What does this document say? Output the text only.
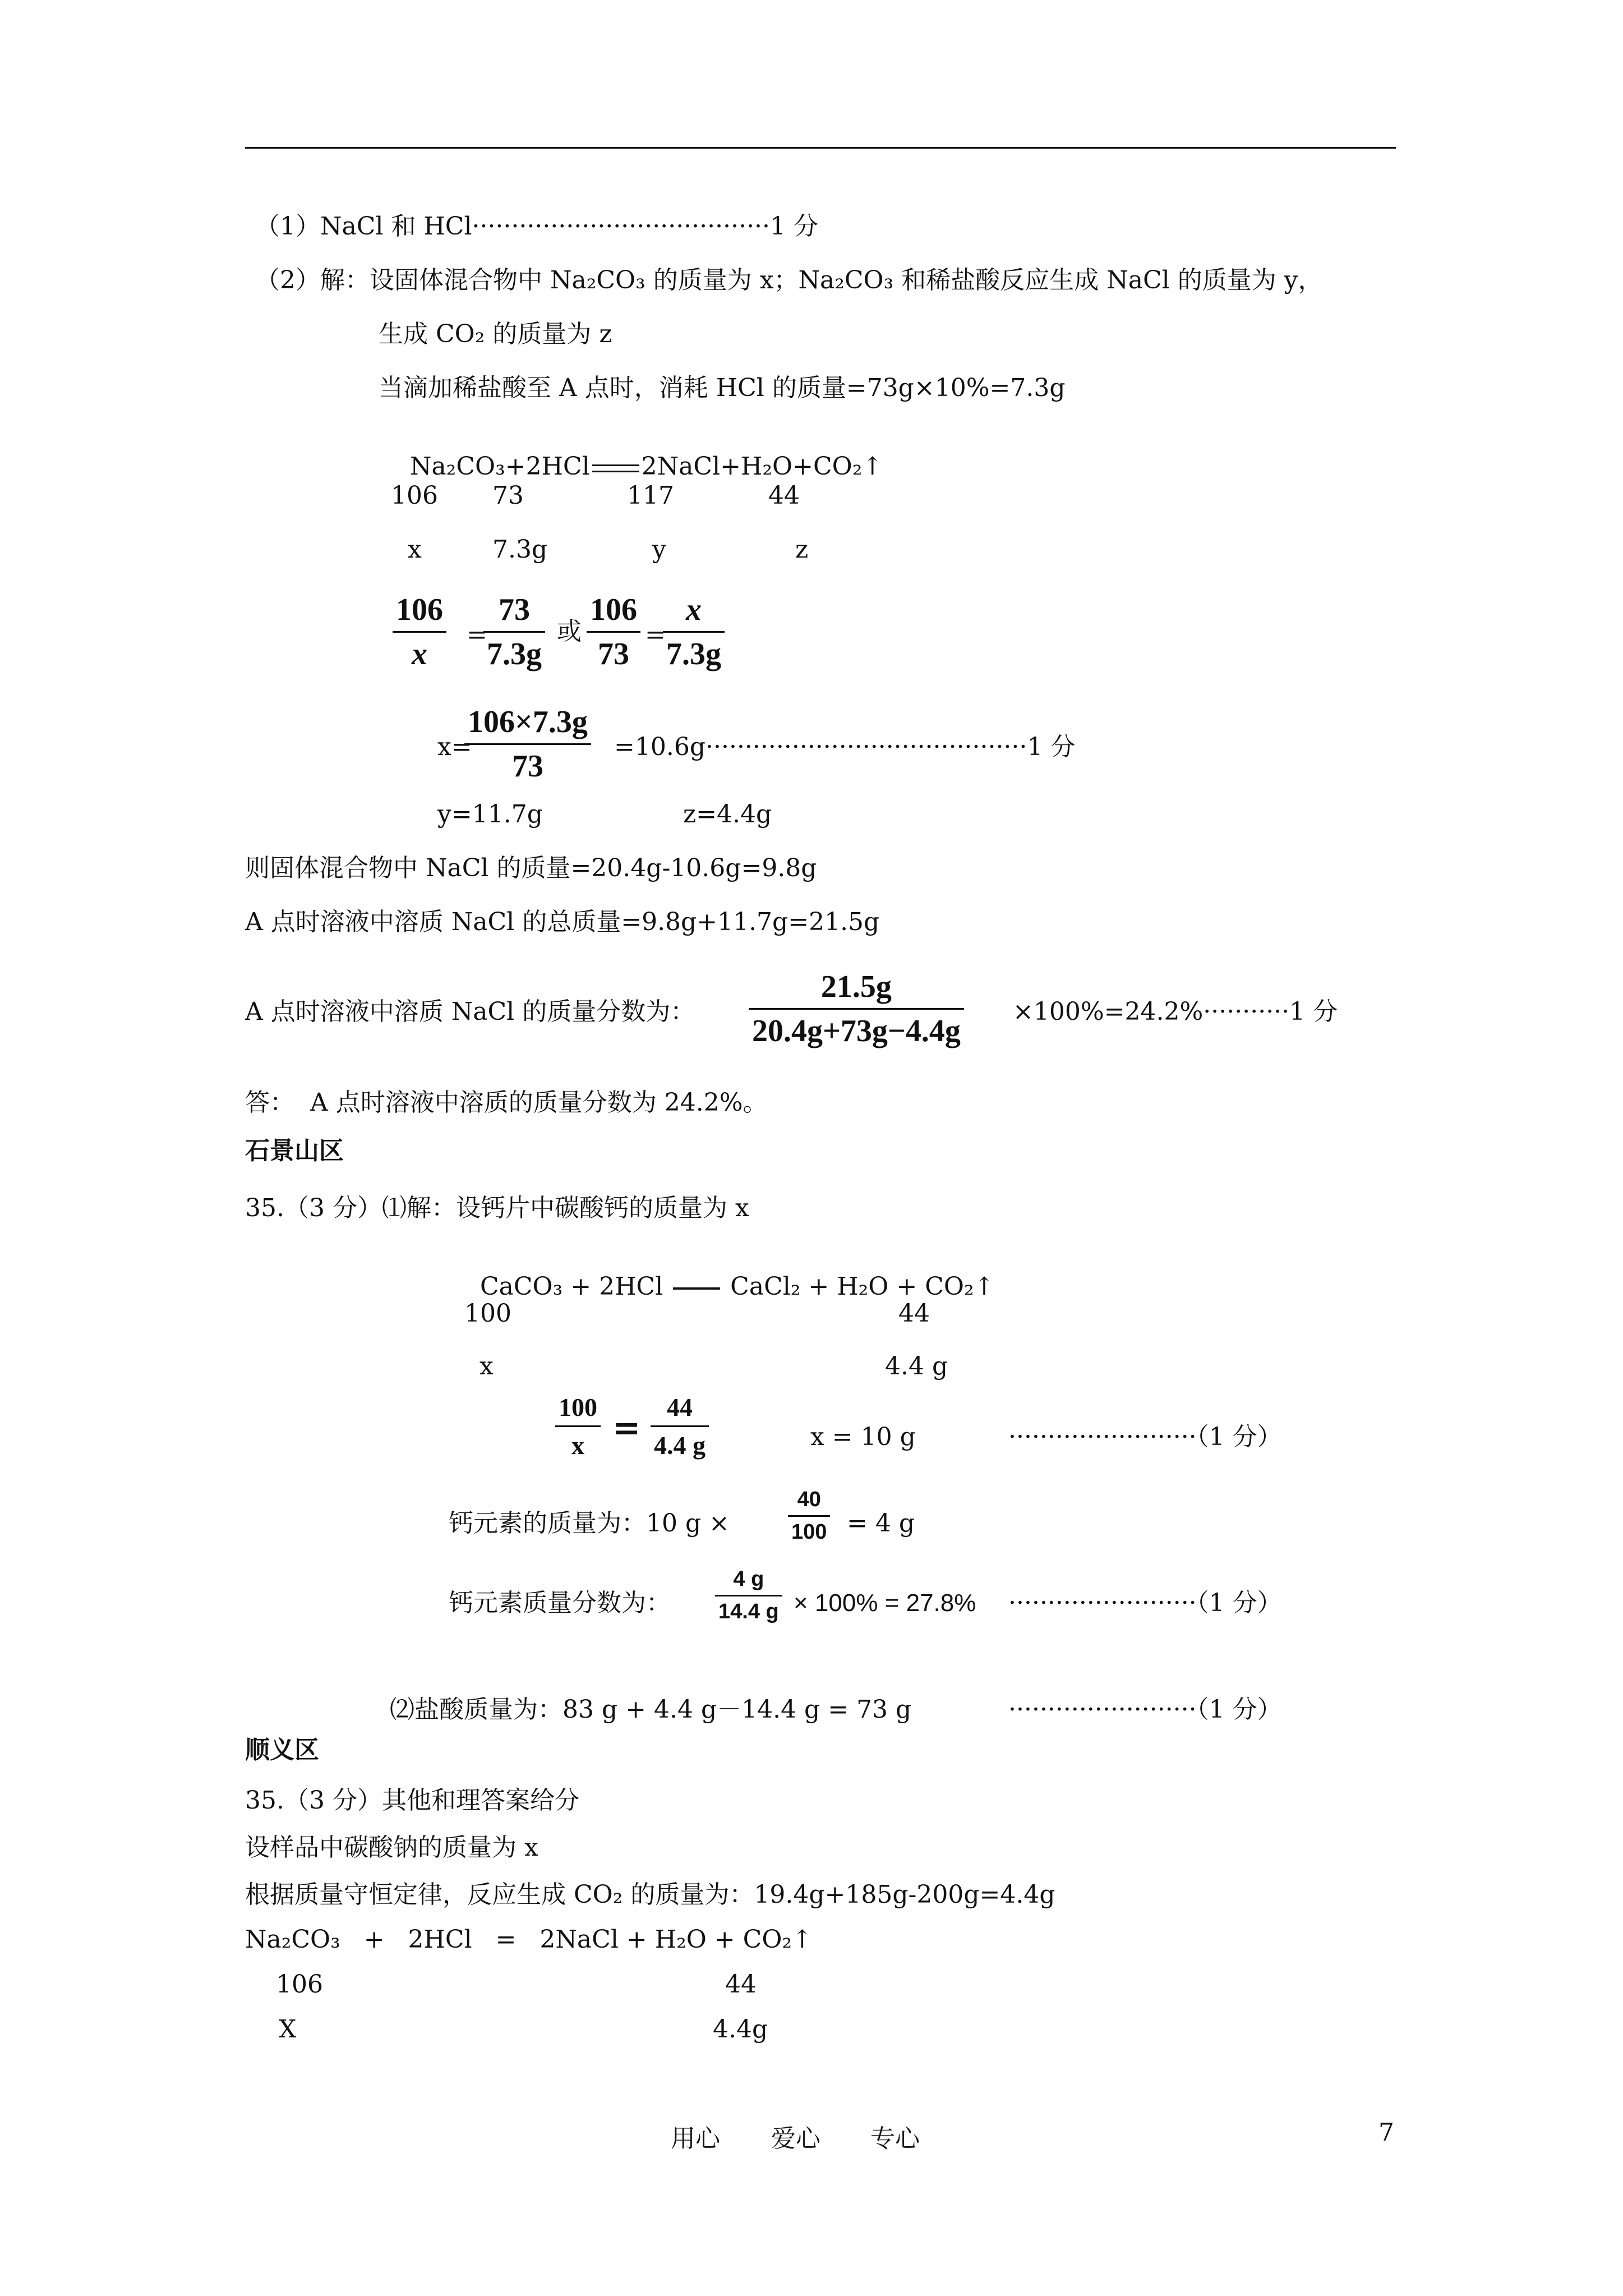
（1）NaCl 和 HCl······································1 分
（2）解：设固体混合物中 Na₂CO₃ 的质量为 x；Na₂CO₃ 和稀盐酸反应生成 NaCl 的质量为 y，
生成 CO₂ 的质量为 z
当滴加稀盐酸至 A 点时，消耗 HCl 的质量=73g×10%=7.3g

Na₂CO₃+2HCl 2NaCl+H₂O+CO₂↑

106 73	117	44
x	7.3g	y	z
106
x
=
73
7.3g
或
106
73
=
x
7.3g
x=
106×7.3g
73
=10.6g·········································1 分
y=11.7g	z=4.4g
则固体混合物中 NaCl 的质量=20.4g-10.6g=9.8g
A 点时溶液中溶质 NaCl 的总质量=9.8g+11.7g=21.5g
A 点时溶液中溶质 NaCl 的质量分数为：
21.5g
20.4g+73g−4.4g
×100%=24.2%···········1 分
答：  A 点时溶液中溶质的质量分数为 24.2%。
石景山区
35.（3 分）⑴解：设钙片中碳酸钙的质量为 x

CaCO₃ + 2HCl	CaCl₂ + H₂O + CO₂↑

100	44
x	4.4 g
100
x =
44
4.4 g	x = 10 g	························（1 分）
钙元素的质量为：10 g ×
40
100 = 4 g
钙元素质量分数为：
4 g
14.4 g × 100% = 27.8% ························（1 分）
⑵盐酸质量为：83 g + 4.4 g－14.4 g = 73 g	························（1 分）
顺义区
35.（3 分）其他和理答案给分
设样品中碳酸钠的质量为 x
根据质量守恒定律，反应生成 CO₂ 的质量为：19.4g+185g-200g=4.4g
Na₂CO₃   +   2HCl   =   2NaCl + H₂O + CO₂↑
106	44
X	4.4g
用心 爱心 专心	7
